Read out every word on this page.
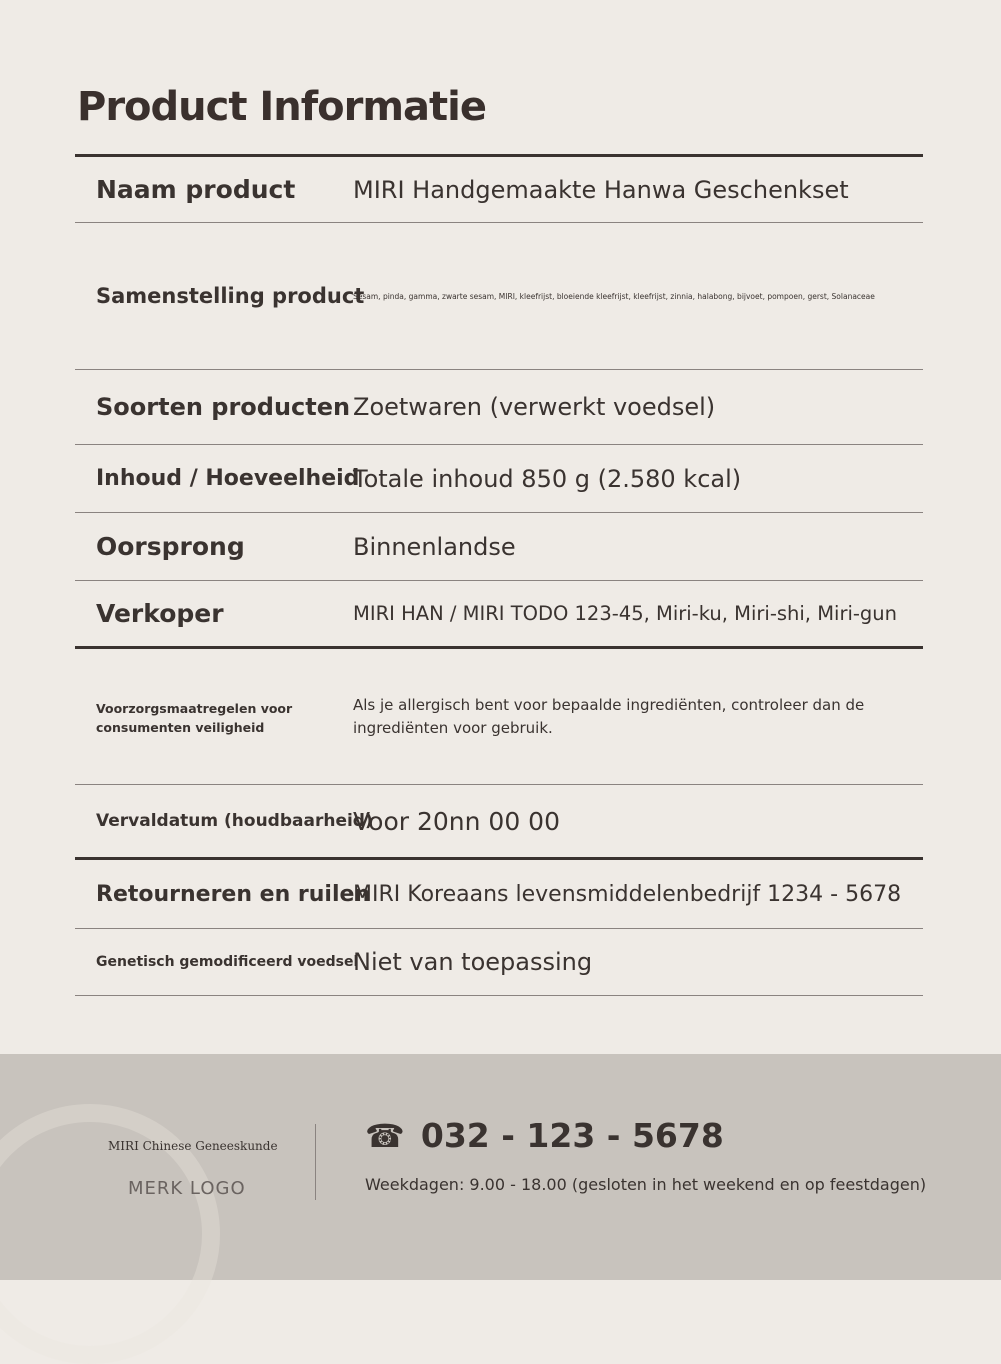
Product Informatie
Naam product MIRI Handgemaakte Hanwa Geschenkset
Samenstelling product
Sesam, pinda, gamma, zwarte sesam, MIRI, kleefrijst, bloeiende kleefrijst, kleefrijst, zinnia, halabong, bijvoet, pompoen, gerst, Solanaceae
Soorten producten Zoetwaren (verwerkt voedsel)
Inhoud / Hoeveelheid
Totale inhoud 850 g (2.580 kcal)
Oorsprong	Binnenlandse
Verkoper	MIRI HAN / MIRI TODO 123-45, Miri-ku, Miri-shi, Miri-gun
Voorzorgsmaatregelen voor consumenten veiligheid
Als je allergisch bent voor bepaalde ingrediënten, controleer dan de ingrediënten voor gebruik.
Vervaldatum (houdbaarheid)
Voor 20nn 00 00
Retourneren en ruilen
MIRI Koreaans levensmiddelenbedrijf 1234 - 5678
Genetisch gemodificeerd voedsel
Niet van toepassing
MIRI Chinese Geneeskunde
MERK LOGO
☎ 032 - 123 - 5678
Weekdagen: 9.00 - 18.00 (gesloten in het weekend en op feestdagen)
